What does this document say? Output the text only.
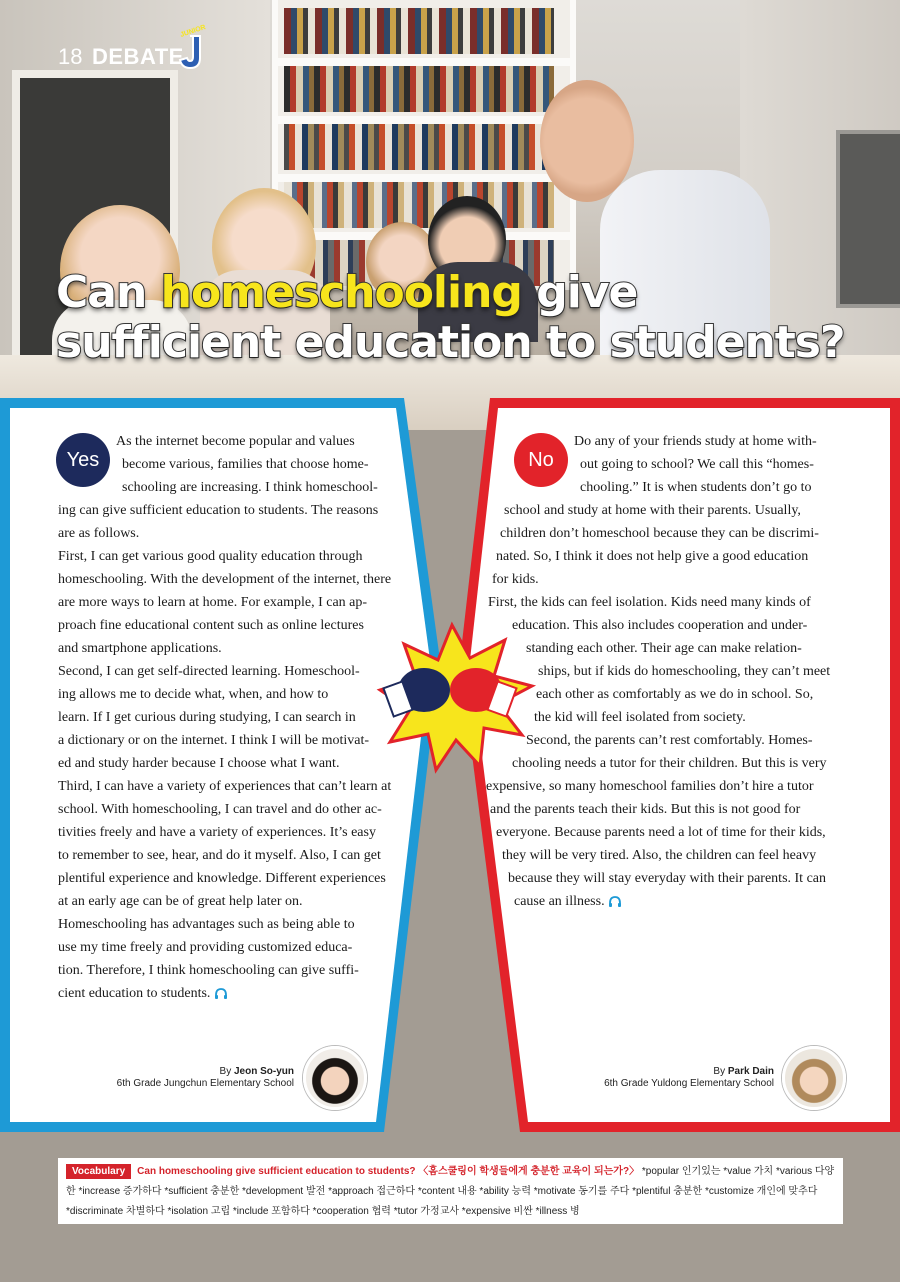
18 DEBATE
JUNIOR
J
Can homeschooling give
sufficient education to students?
Yes

As the internet become popular and values

become various, families that choose home-

schooling are increasing. I think homeschool-

ing can give sufficient education to students. The reasons

are as follows.

First, I can get various good quality education through

homeschooling. With the development of the internet, there

are more ways to learn at home. For example, I can ap-

proach fine educational content such as online lectures

and smartphone applications.

Second, I can get self-directed learning. Homeschool-

ing allows me to decide what, when, and how to

learn. If I get curious during studying, I can search in

a dictionary or on the internet. I think I will be motivat-

ed and study harder because I choose what I want.

Third, I can have a variety of experiences that can’t learn at

school. With homeschooling, I can travel and do other ac-

tivities freely and have a variety of experiences. It’s easy

to remember to see, hear, and do it myself. Also, I can get

plentiful experience and knowledge. Different experiences

at an early age can be of great help later on.

Homeschooling has advantages such as being able to

use my time freely and providing customized educa-

tion. Therefore, I think homeschooling can give suffi-

cient education to students.

By Jeon So-yun
6th Grade Jungchun Elementary School
No

Do any of your friends study at home with-

out going to school? We call this “homes-

chooling.” It is when students don’t go to

school and study at home with their parents. Usually,

children don’t homeschool because they can be discrimi-

nated. So, I think it does not help give a good education

for kids.

First, the kids can feel isolation. Kids need many kinds of

education. This also includes cooperation and under-

standing each other. Their age can make relation-

ships, but if kids do homeschooling, they can’t meet

each other as comfortably as we do in school. So,

the kid will feel isolated from society.

Second, the parents can’t rest comfortably. Homes-

chooling needs a tutor for their children. But this is very

expensive, so many homeschool families don’t hire a tutor

and the parents teach their kids. But this is not good for

everyone. Because parents need a lot of time for their kids,

they will be very tired. Also, the children can feel heavy

because they will stay everyday with their parents. It can

cause an illness.

By Park Dain
6th Grade Yuldong Elementary School
Vocabulary Can homeschooling give sufficient education to students? 〈홈스쿨링이 학생들에게 충분한 교육이 되는가?〉 *popular 인기있는 *value 가치 *various 다양한 *increase 증가하다 *sufficient 충분한 *development 발전 *approach 접근하다 *content 내용 *ability 능력 *motivate 동기를 주다 *plentiful 충분한 *customize 개인에 맞추다 *discriminate 차별하다 *isolation 고립 *include 포함하다 *cooperation 협력 *tutor 가정교사 *expensive 비싼 *illness 병
